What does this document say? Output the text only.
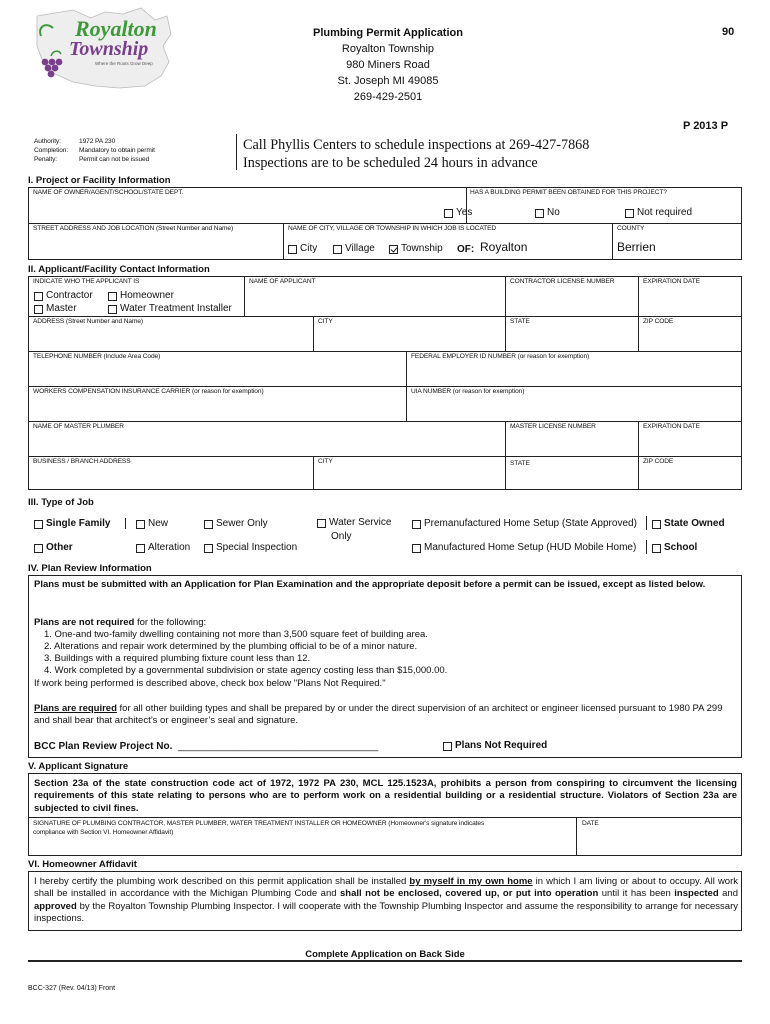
Royalton
Township
Where the Roots Grow Deep
Plumbing Permit Application
Royalton Township
980 Miners Road
St. Joseph MI 49085
269-429-2501
90
P 2013 P
Authority:	1972 PA 230
Completion: Mandatory to obtain permit
Penalty:	Permit can not be issued
Call Phyllis Centers to schedule inspections at 269-427-7868
Inspections are to be scheduled 24 hours in advance
I. Project or Facility Information
NAME OF OWNER/AGENT/SCHOOL/STATE DEPT.	HAS A BUILDING PERMIT BEEN OBTAINED FOR THIS PROJECT?
Yes	No	Not required
STREET ADDRESS AND JOB LOCATION (Street Number and Name)	NAME OF CITY, VILLAGE OR TOWNSHIP IN WHICH JOB IS LOCATED	COUNTY
City	Village	Township OF: Royalton	Berrien
II. Applicant/Facility Contact Information
INDICATE WHO THE APPLICANT IS
Contractor	Homeowner
Master	Water Treatment Installer
NAME OF APPLICANT	CONTRACTOR LICENSE NUMBER	EXPIRATION DATE
ADDRESS (Street Number and Name)	CITY	STATE	ZIP CODE
TELEPHONE NUMBER (Include Area Code)	FEDERAL EMPLOYER ID NUMBER (or reason for exemption)
WORKERS COMPENSATION INSURANCE CARRIER (or reason for exemption)	UIA NUMBER (or reason for exemption)
NAME OF MASTER PLUMBER	MASTER LICENSE NUMBER	EXPIRATION DATE
BUSINESS / BRANCH ADDRESS	CITY	STATE	ZIP CODE
III. Type of Job
Single Family
Other
New
Alteration
Sewer Only
Special Inspection
Water Service
Only
Premanufactured Home Setup (State Approved)
Manufactured Home Setup (HUD Mobile Home)
State Owned
School
IV. Plan Review Information
Plans must be submitted with an Application for Plan Examination and the appropriate deposit before a permit can be issued, except as listed below.
Plans are not required for the following:
1. One-and two-family dwelling containing not more than 3,500 square feet of building area.
2. Alterations and repair work determined by the plumbing official to be of a minor nature.
3. Buildings with a required plumbing fixture count less than 12.
4. Work completed by a governmental subdivision or state agency costing less than $15,000.00.
If work being performed is described above, check box below "Plans Not Required."
Plans are required for all other building types and shall be prepared by or under the direct supervision of an architect or engineer licensed pursuant to 1980 PA 299 and shall bear that architect’s or engineer’s seal and signature.
BCC Plan Review Project No. ____________________________________	Plans Not Required
V. Applicant Signature
Section 23a of the state construction code act of 1972, 1972 PA 230, MCL 125.1523A, prohibits a person from conspiring to circumvent the licensing requirements of this state relating to persons who are to perform work on a residential building or a residential structure. Violators of Section 23a are subjected to civil fines.
SIGNATURE OF PLUMBING CONTRACTOR, MASTER PLUMBER, WATER TREATMENT INSTALLER OR HOMEOWNER (Homeowner's signature indicates
compliance with Section VI. Homeowner Affidavit)
DATE
VI. Homeowner Affidavit
I hereby certify the plumbing work described on this permit application shall be installed by myself in my own home in which I am living or about to occupy. All work shall be installed in accordance with the Michigan Plumbing Code and shall not be enclosed, covered up, or put into operation until it has been inspected and approved by the Royalton Township Plumbing Inspector. I will cooperate with the Township Plumbing Inspector and assume the responsibility to arrange for necessary inspections.
Complete Application on Back Side
BCC-327 (Rev. 04/13) Front
